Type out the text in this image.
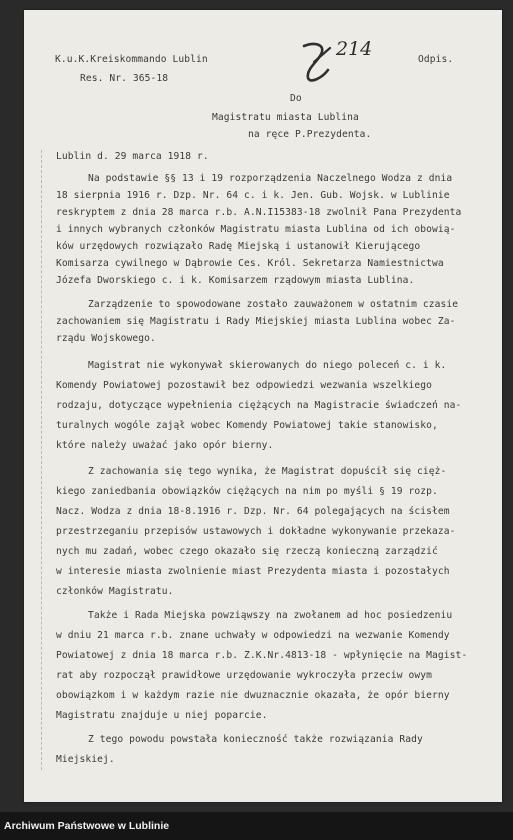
K.u.K.Kreiskommando Lublin	Odpis.
Res. Nr. 365-18
214
Do
Magistratu miasta Lublina
na ręce P.Prezydenta.
Lublin d. 29 marca 1918 r.
Na podstawie §§ 13 i 19 rozporządzenia Naczelnego Wodza z dnia
18 sierpnia 1916 r. Dzp. Nr. 64 c. i k. Jen. Gub. Wojsk. w Lublinie
reskryptem z dnia 28 marca r.b. A.N.I15383-18 zwolnił Pana Prezydenta
i innych wybranych członków Magistratu miasta Lublina od ich obowią-
ków urzędowych rozwiązało Radę Miejską i ustanowił Kierującego
Komisarza cywilnego w Dąbrowie Ces. Król. Sekretarza Namiestnictwa
Józefa Dworskiego c. i k. Komisarzem rządowym miasta Lublina.
Zarządzenie to spowodowane zostało zauważonem w ostatnim czasie
zachowaniem się Magistratu i Rady Miejskiej miasta Lublina wobec Za-
rządu Wojskowego.
Magistrat nie wykonywał skierowanych do niego poleceń c. i k.
Komendy Powiatowej pozostawił bez odpowiedzi wezwania wszelkiego
rodzaju, dotyczące wypełnienia ciężących na Magistracie świadczeń na-
turalnych wogóle zajął wobec Komendy Powiatowej takie stanowisko,
które należy uważać jako opór bierny.
Z zachowania się tego wynika, że Magistrat dopuścił się cięż-
kiego zaniedbania obowiązków ciężących na nim po myśli § 19 rozp.
Nacz. Wodza z dnia 18-8.1916 r. Dzp. Nr. 64 polegających na ścisłem
przestrzeganiu przepisów ustawowych i dokładne wykonywanie przekaza-
nych mu zadań, wobec czego okazało się rzeczą konieczną zarządzić
w interesie miasta zwolnienie miast Prezydenta miasta i pozostałych
członków Magistratu.
Także i Rada Miejska powziąwszy na zwołanem ad hoc posiedzeniu
w dniu 21 marca r.b. znane uchwały w odpowiedzi na wezwanie Komendy
Powiatowej z dnia 18 marca r.b. Z.K.Nr.4813-18 - wpłynięcie na Magist-
rat aby rozpoczął prawidłowe urzędowanie wykroczyła przeciw owym
obowiązkom i w każdym razie nie dwuznacznie okazała, że opór bierny
Magistratu znajduje u niej poparcie.
Z tego powodu powstała konieczność także rozwiązania Rady
Miejskiej.
Archiwum Państwowe w Lublinie
